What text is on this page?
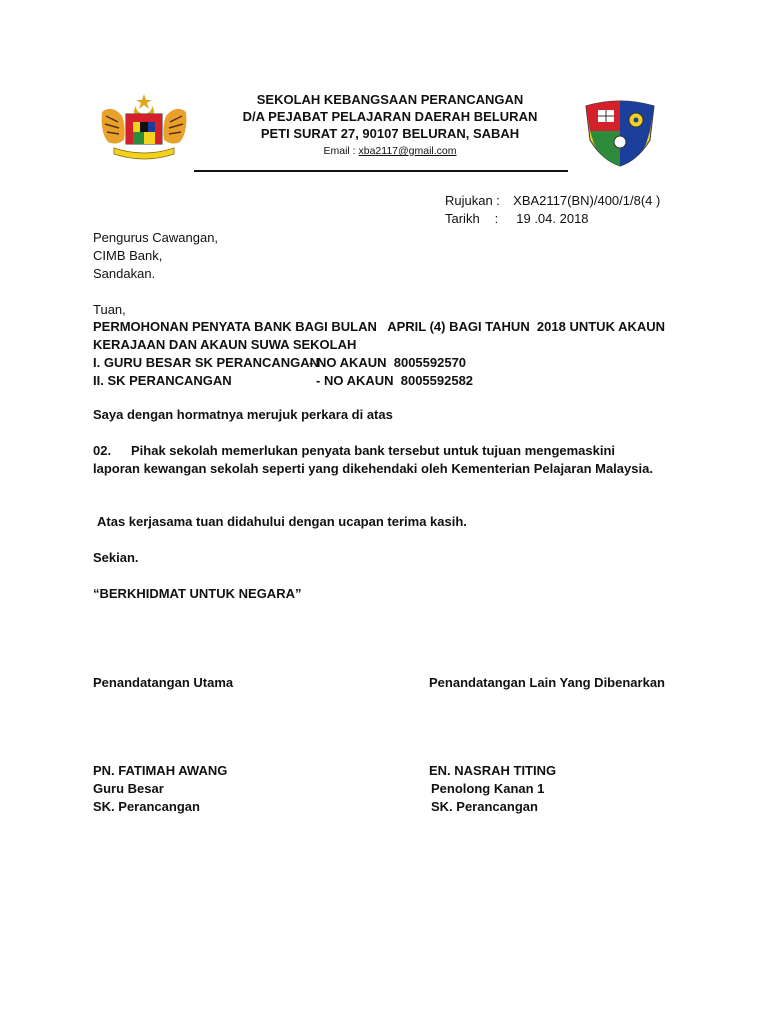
SEKOLAH KEBANGSAAN PERANCANGAN
D/A PEJABAT PELAJARAN DAERAH BELURAN
PETI SURAT 27, 90107 BELURAN, SABAH
Email : xba2117@gmail.com
Rujukan : XBA2117(BN)/400/1/8(4 )
Tarikh : 19 .04. 2018
Pengurus Cawangan,
CIMB Bank,
Sandakan.
Tuan,
PERMOHONAN PENYATA BANK BAGI BULAN   APRIL (4) BAGI TAHUN  2018 UNTUK AKAUN
KERAJAAN DAN AKAUN SUWA SEKOLAH
I. GURU BESAR SK PERANCANGAN
- NO AKAUN  8005592570
II. SK PERANCANGAN	- NO AKAUN  8005592582
Saya dengan hormatnya merujuk perkara di atas
02. Pihak sekolah memerlukan penyata bank tersebut untuk tujuan mengemaskini
laporan kewangan sekolah seperti yang dikehendaki oleh Kementerian Pelajaran Malaysia.
Atas kerjasama tuan didahului dengan ucapan terima kasih.
Sekian.
“BERKHIDMAT UNTUK NEGARA”
Penandatangan Utama	Penandatangan Lain Yang Dibenarkan
PN. FATIMAH AWANG
Guru Besar
SK. Perancangan
EN. NASRAH TITING
Penolong Kanan 1
SK. Perancangan
